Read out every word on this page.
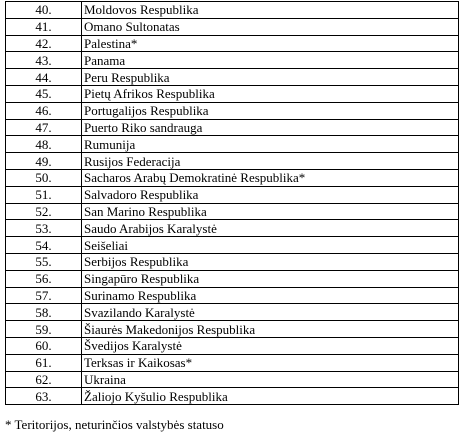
40.	Moldovos Respublika
41.	Omano Sultonatas
42.	Palestina*
43.	Panama
44.	Peru Respublika
45.	Pietų Afrikos Respublika
46.	Portugalijos Respublika
47.	Puerto Riko sandrauga
48.	Rumunija
49.	Rusijos Federacija
50.	Sacharos Arabų Demokratinė Respublika*
51.	Salvadoro Respublika
52.	San Marino Respublika
53.	Saudo Arabijos Karalystė
54.	Seišeliai
55.	Serbijos Respublika
56.	Singapūro Respublika
57.	Surinamo Respublika
58.	Svazilando Karalystė
59.	Šiaurės Makedonijos Respublika
60.	Švedijos Karalystė
61.	Terksas ir Kaikosas*
62.	Ukraina
63.	Žaliojo Kyšulio Respublika
* Teritorijos, neturinčios valstybės statuso
